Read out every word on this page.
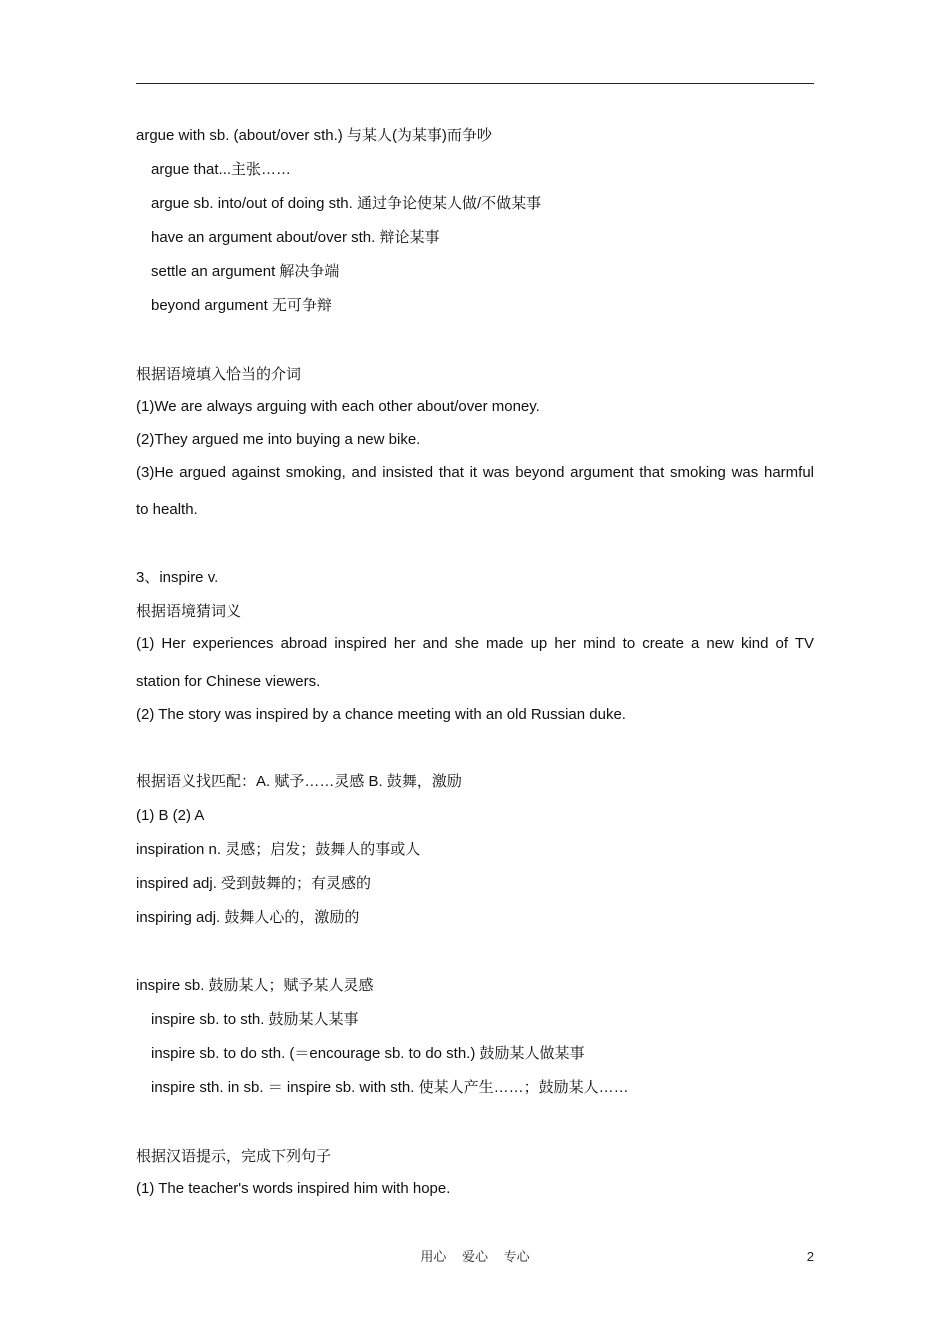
argue with sb. (about/over sth.) 与某人(为某事)而争吵
argue that...主张……
argue sb. into/out of doing sth. 通过争论使某人做/不做某事
have an argument about/over sth. 辩论某事
settle an argument 解决争端
beyond argument 无可争辩
根据语境填入恰当的介词
(1)We are always arguing with each other about/over money.
(2)They argued me into buying a new bike.
(3)He argued against smoking, and insisted that it was beyond argument that smoking was harmful
to health.
3、inspire v.
根据语境猜词义
(1) Her experiences abroad inspired her and she made up her mind to create a new kind of TV
station for Chinese viewers.
(2) The story was inspired by a chance meeting with an old Russian duke.
根据语义找匹配：A. 赋予……灵感 B. 鼓舞，激励
(1) B (2) A
inspiration n. 灵感；启发；鼓舞人的事或人
inspired adj. 受到鼓舞的；有灵感的
inspiring adj. 鼓舞人心的，激励的
inspire sb. 鼓励某人；赋予某人灵感
inspire sb. to sth. 鼓励某人某事
inspire sb. to do sth. (＝encourage sb. to do sth.) 鼓励某人做某事
inspire sth. in sb. ＝ inspire sb. with sth. 使某人产生……；鼓励某人……
根据汉语提示，完成下列句子
(1) The teacher's words inspired him with hope.
用心 爱心 专心	2
